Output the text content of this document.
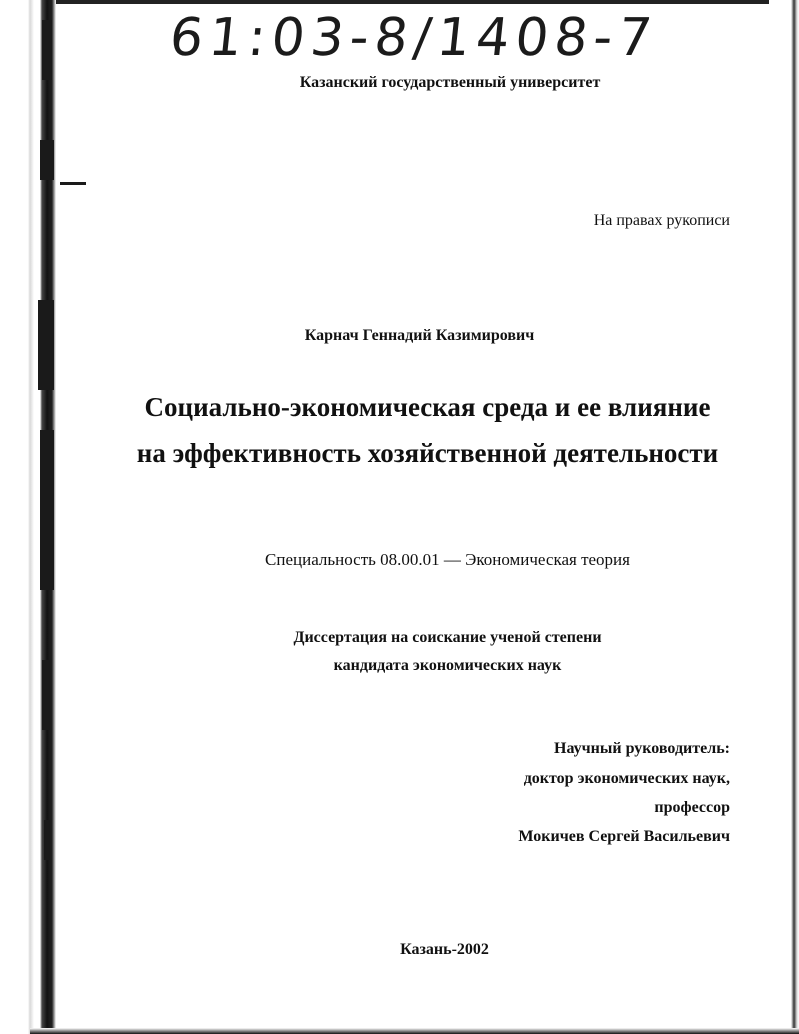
61:03-8/1408-7
Казанский государственный университет
На правах рукописи
Карнач Геннадий Казимирович
Социально-экономическая среда и ее влияние
на эффективность хозяйственной деятельности
Специальность 08.00.01 — Экономическая теория
Диссертация на соискание ученой степени
кандидата экономических наук
Научный руководитель:
доктор экономических наук,
профессор
Мокичев Сергей Васильевич
Казань-2002
